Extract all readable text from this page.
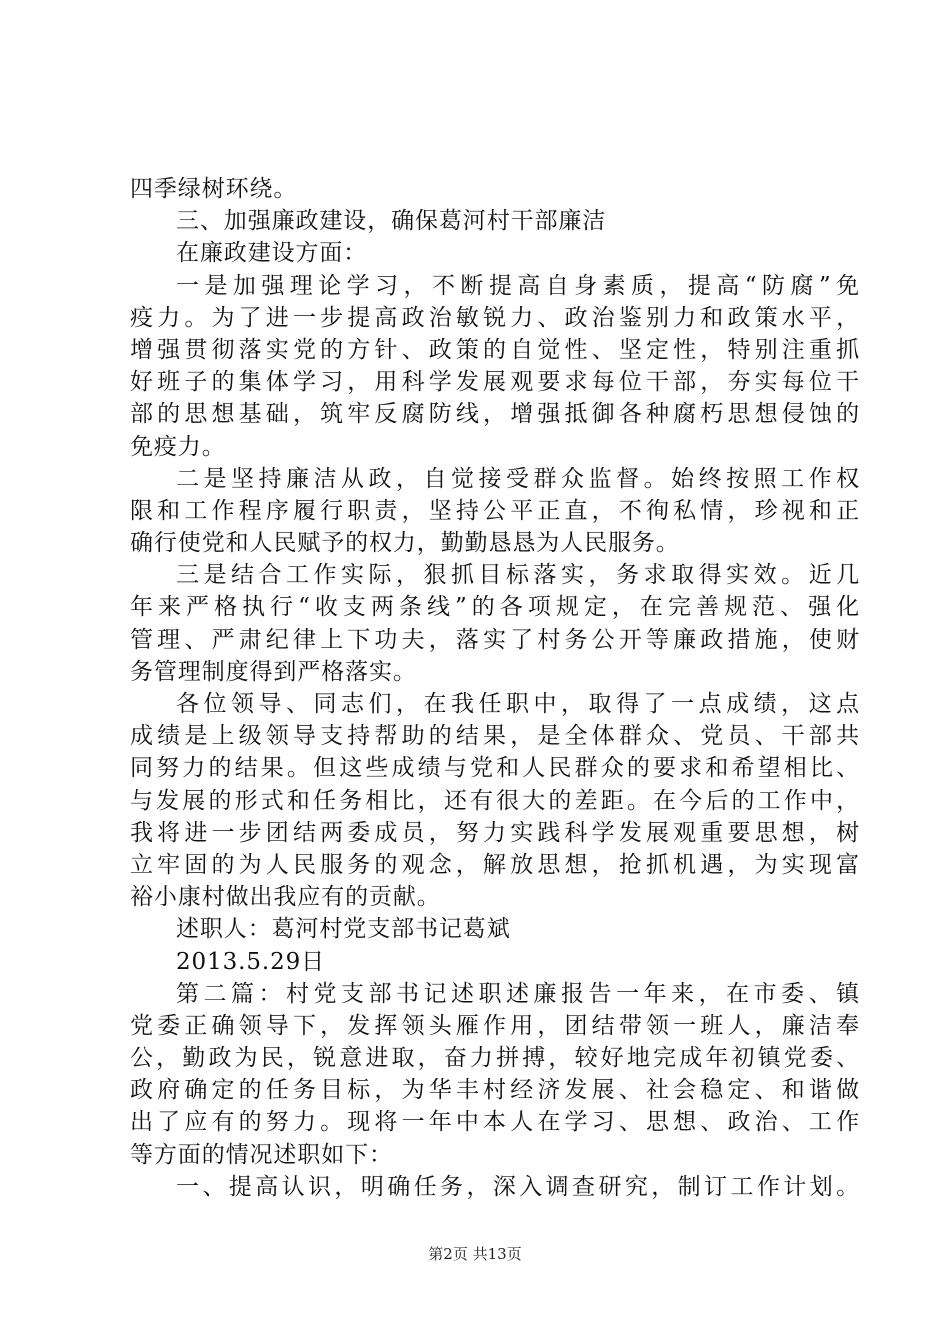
四季绿树环绕。
三、加强廉政建设，确保葛河村干部廉洁
在廉政建设方面：
一是加强理论学习，不断提高自身素质，提高“防腐”免
疫力。为了进一步提高政治敏锐力、政治鉴别力和政策水平，
增强贯彻落实党的方针、政策的自觉性、坚定性，特别注重抓
好班子的集体学习，用科学发展观要求每位干部，夯实每位干
部的思想基础，筑牢反腐防线，增强抵御各种腐朽思想侵蚀的
免疫力。
二是坚持廉洁从政，自觉接受群众监督。始终按照工作权
限和工作程序履行职责，坚持公平正直，不徇私情，珍视和正
确行使党和人民赋予的权力，勤勤恳恳为人民服务。
三是结合工作实际，狠抓目标落实，务求取得实效。近几
年来严格执行“收支两条线”的各项规定，在完善规范、强化
管理、严肃纪律上下功夫，落实了村务公开等廉政措施，使财
务管理制度得到严格落实。
各位领导、同志们，在我任职中，取得了一点成绩，这点
成绩是上级领导支持帮助的结果，是全体群众、党员、干部共
同努力的结果。但这些成绩与党和人民群众的要求和希望相比、
与发展的形式和任务相比，还有很大的差距。在今后的工作中，
我将进一步团结两委成员，努力实践科学发展观重要思想，树
立牢固的为人民服务的观念，解放思想，抢抓机遇，为实现富
裕小康村做出我应有的贡献。
述职人：葛河村党支部书记葛斌
2013.5.29日
第二篇：村党支部书记述职述廉报告一年来，在市委、镇
党委正确领导下，发挥领头雁作用，团结带领一班人，廉洁奉
公，勤政为民，锐意进取，奋力拼搏，较好地完成年初镇党委、
政府确定的任务目标，为华丰村经济发展、社会稳定、和谐做
出了应有的努力。现将一年中本人在学习、思想、政治、工作
等方面的情况述职如下：
一、提高认识，明确任务，深入调查研究，制订工作计划。
第2页 共13页
